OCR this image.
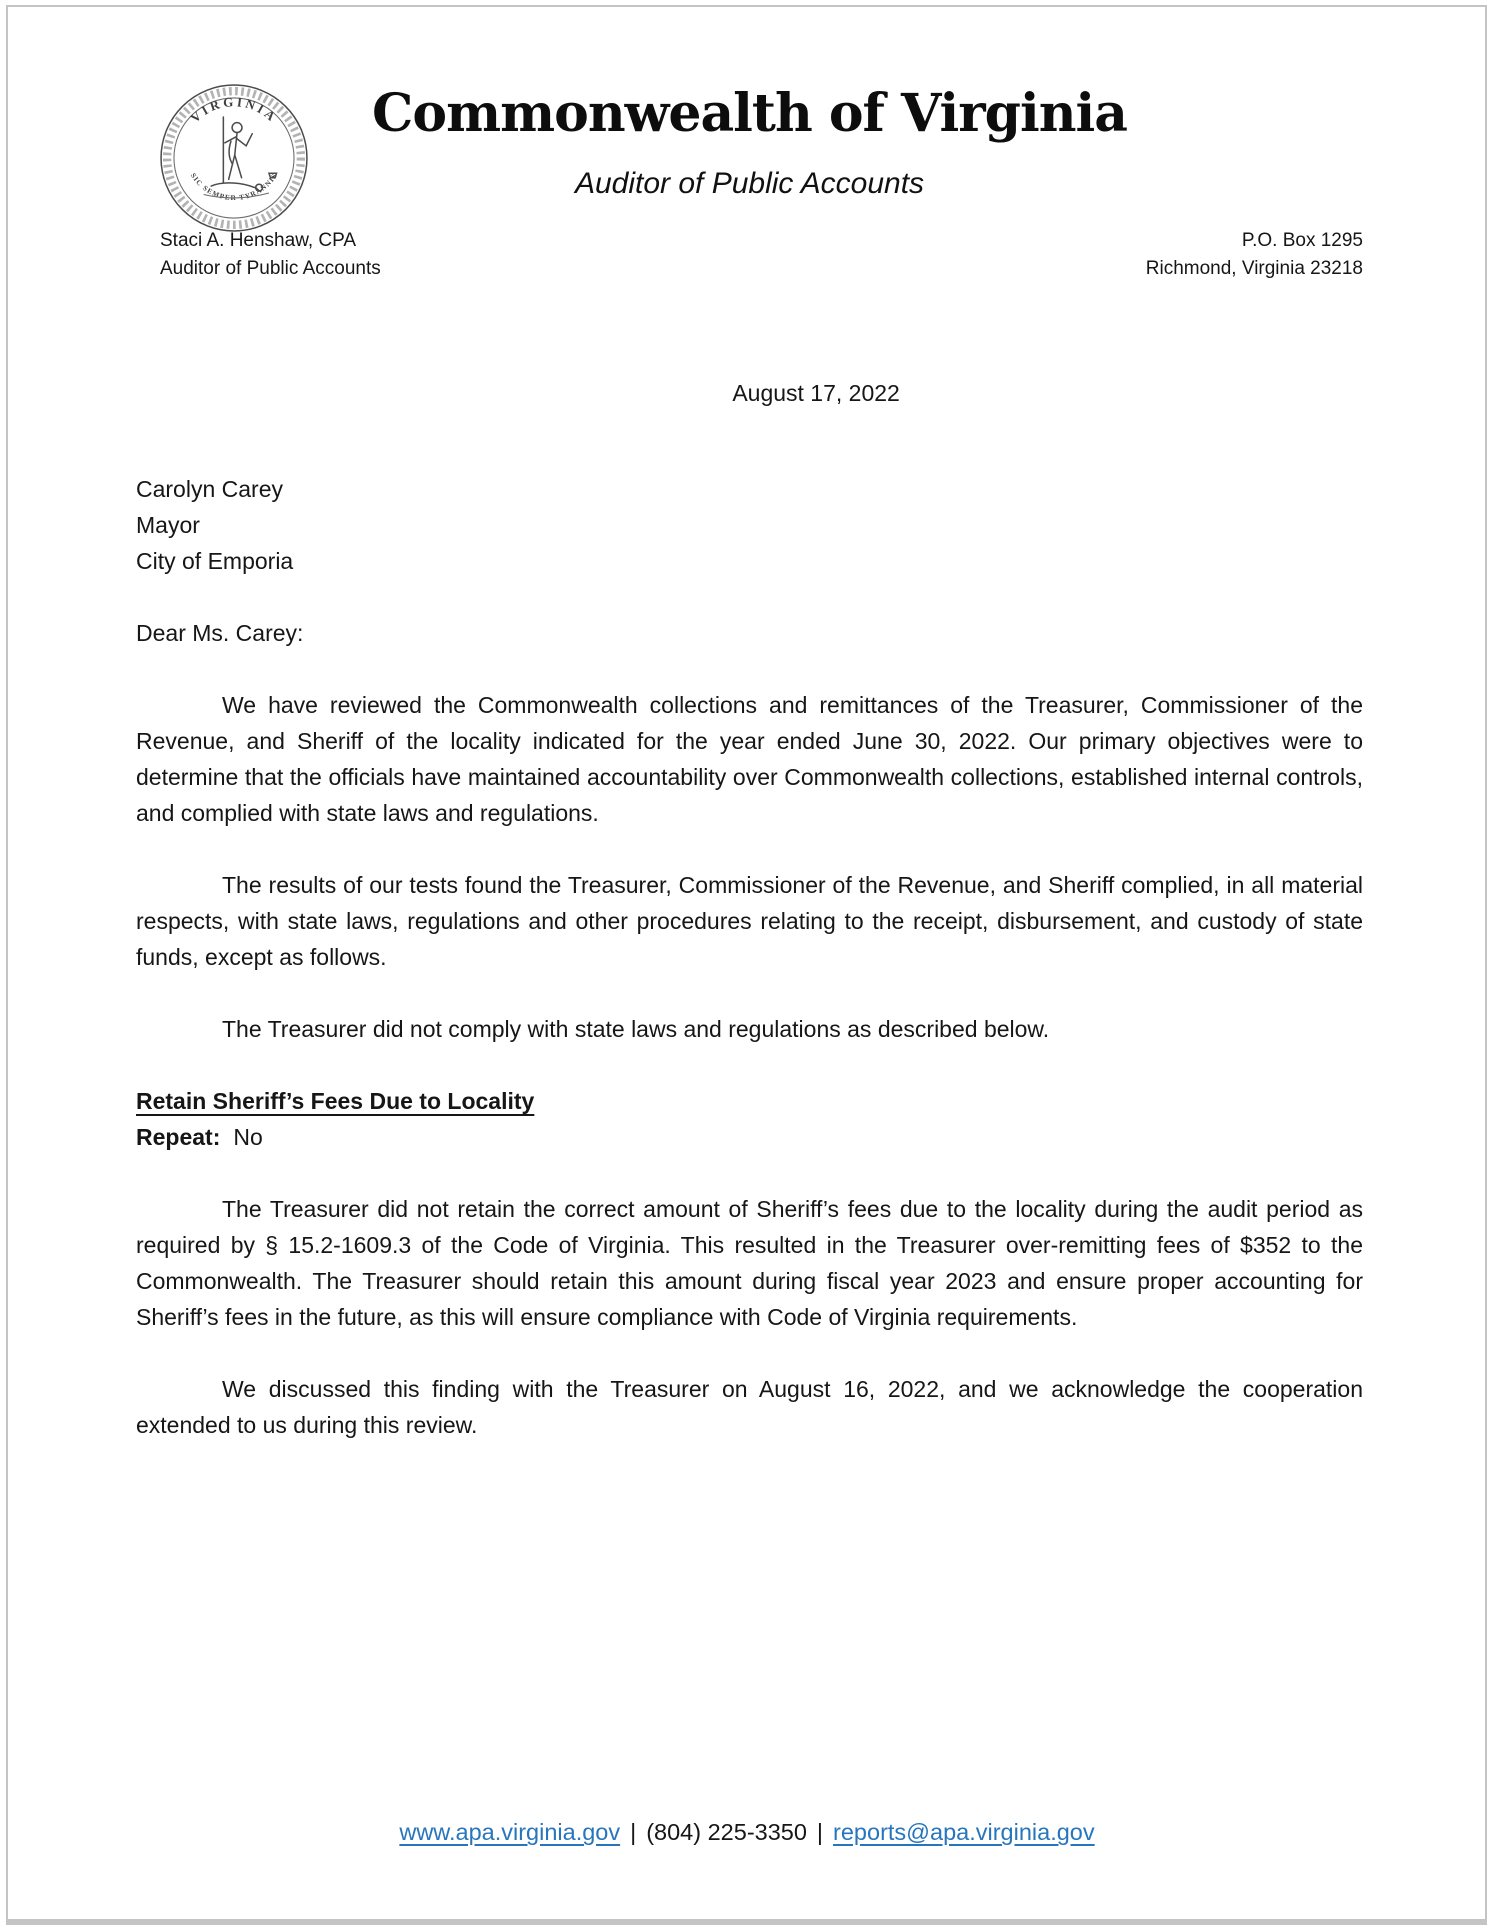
VIRGINIA
SIC SEMPER TYRANNIS
Commonwealth of Virginia
Auditor of Public Accounts
Staci A. Henshaw, CPA
Auditor of Public Accounts
P.O. Box 1295
Richmond, Virginia 23218
August 17, 2022
Carolyn Carey
Mayor
City of Emporia
Dear Ms. Carey:

We have reviewed the Commonwealth collections and remittances of the Treasurer, Commissioner of the Revenue, and Sheriff of the locality indicated for the year ended June 30, 2022. Our primary objectives were to determine that the officials have maintained accountability over Commonwealth collections, established internal controls, and complied with state laws and regulations.

The results of our tests found the Treasurer, Commissioner of the Revenue, and Sheriff complied, in all material respects, with state laws, regulations and other procedures relating to the receipt, disbursement, and custody of state funds, except as follows.

The Treasurer did not comply with state laws and regulations as described below.

Retain Sheriff’s Fees Due to Locality

Repeat: No

The Treasurer did not retain the correct amount of Sheriff’s fees due to the locality during the audit period as required by § 15.2-1609.3 of the Code of Virginia. This resulted in the Treasurer over-remitting fees of $352 to the Commonwealth. The Treasurer should retain this amount during fiscal year 2023 and ensure proper accounting for Sheriff’s fees in the future, as this will ensure compliance with Code of Virginia requirements.

We discussed this finding with the Treasurer on August 16, 2022, and we acknowledge the cooperation extended to us during this review.

www.apa.virginia.gov | (804) 225-3350 | reports@apa.virginia.gov
